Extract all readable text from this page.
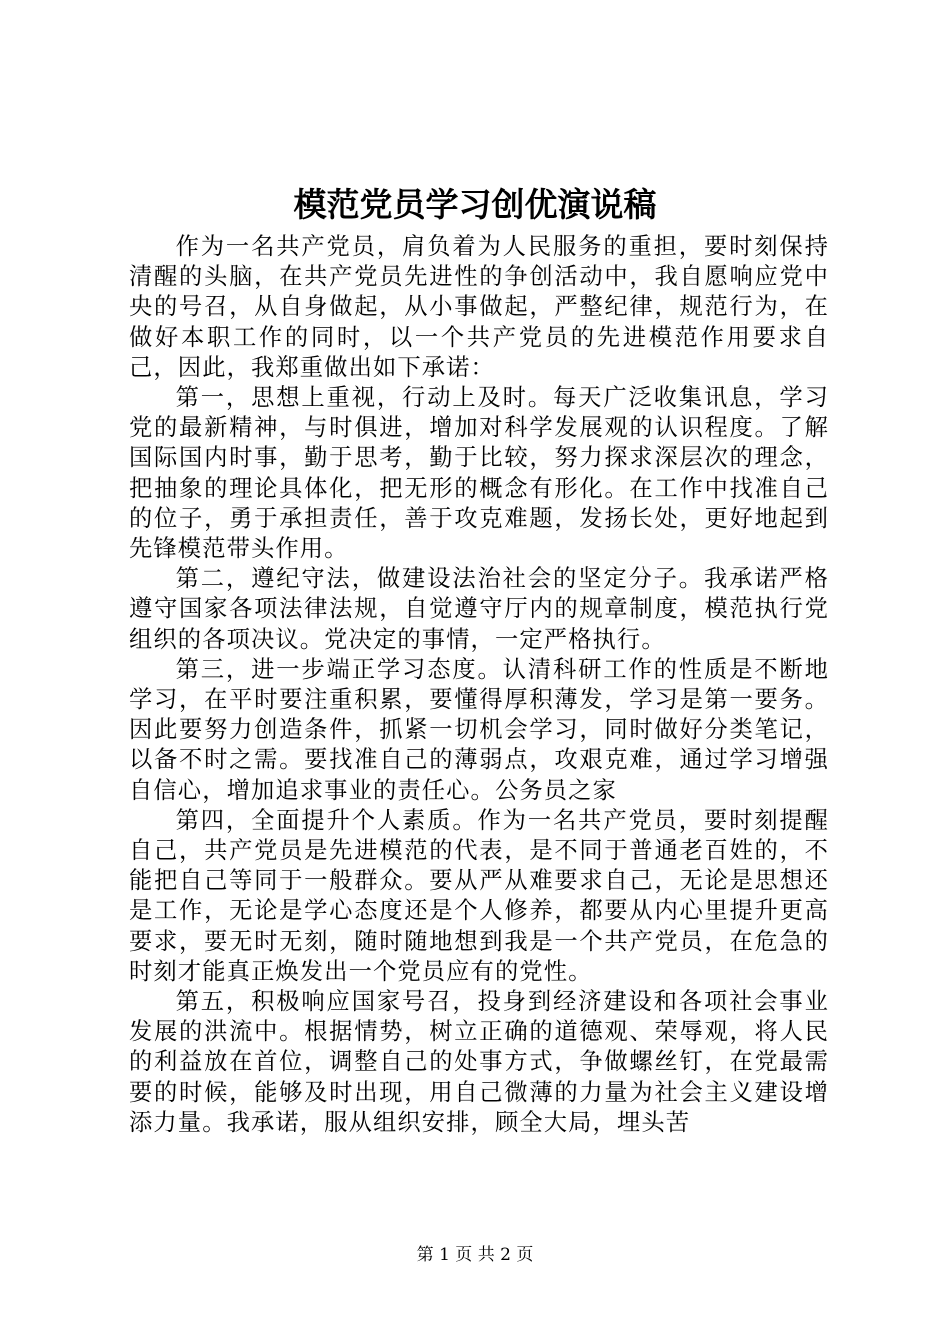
模范党员学习创优演说稿

作为一名共产党员，肩负着为人民服务的重担，要时刻保持清醒的头脑，在共产党员先进性的争创活动中，我自愿响应党中央的号召，从自身做起，从小事做起，严整纪律，规范行为，在做好本职工作的同时，以一个共产党员的先进模范作用要求自己，因此，我郑重做出如下承诺：

第一，思想上重视，行动上及时。每天广泛收集讯息，学习党的最新精神，与时俱进，增加对科学发展观的认识程度。了解国际国内时事，勤于思考，勤于比较，努力探求深层次的理念，把抽象的理论具体化，把无形的概念有形化。在工作中找准自己的位子，勇于承担责任，善于攻克难题，发扬长处，更好地起到先锋模范带头作用。

第二，遵纪守法，做建设法治社会的坚定分子。我承诺严格遵守国家各项法律法规，自觉遵守厅内的规章制度，模范执行党组织的各项决议。党决定的事情，一定严格执行。

第三，进一步端正学习态度。认清科研工作的性质是不断地学习，在平时要注重积累，要懂得厚积薄发，学习是第一要务。因此要努力创造条件，抓紧一切机会学习，同时做好分类笔记，以备不时之需。要找准自己的薄弱点，攻艰克难，通过学习增强自信心，增加追求事业的责任心。公务员之家

第四，全面提升个人素质。作为一名共产党员，要时刻提醒自己，共产党员是先进模范的代表，是不同于普通老百姓的，不能把自己等同于一般群众。要从严从难要求自己，无论是思想还是工作，无论是学心态度还是个人修养，都要从内心里提升更高要求，要无时无刻，随时随地想到我是一个共产党员，在危急的时刻才能真正焕发出一个党员应有的党性。

第五，积极响应国家号召，投身到经济建设和各项社会事业发展的洪流中。根据情势，树立正确的道德观、荣辱观，将人民的利益放在首位，调整自己的处事方式，争做螺丝钉，在党最需要的时候，能够及时出现，用自己微薄的力量为社会主义建设增添力量。我承诺，服从组织安排，顾全大局，埋头苦

第 1 页 共 2 页
